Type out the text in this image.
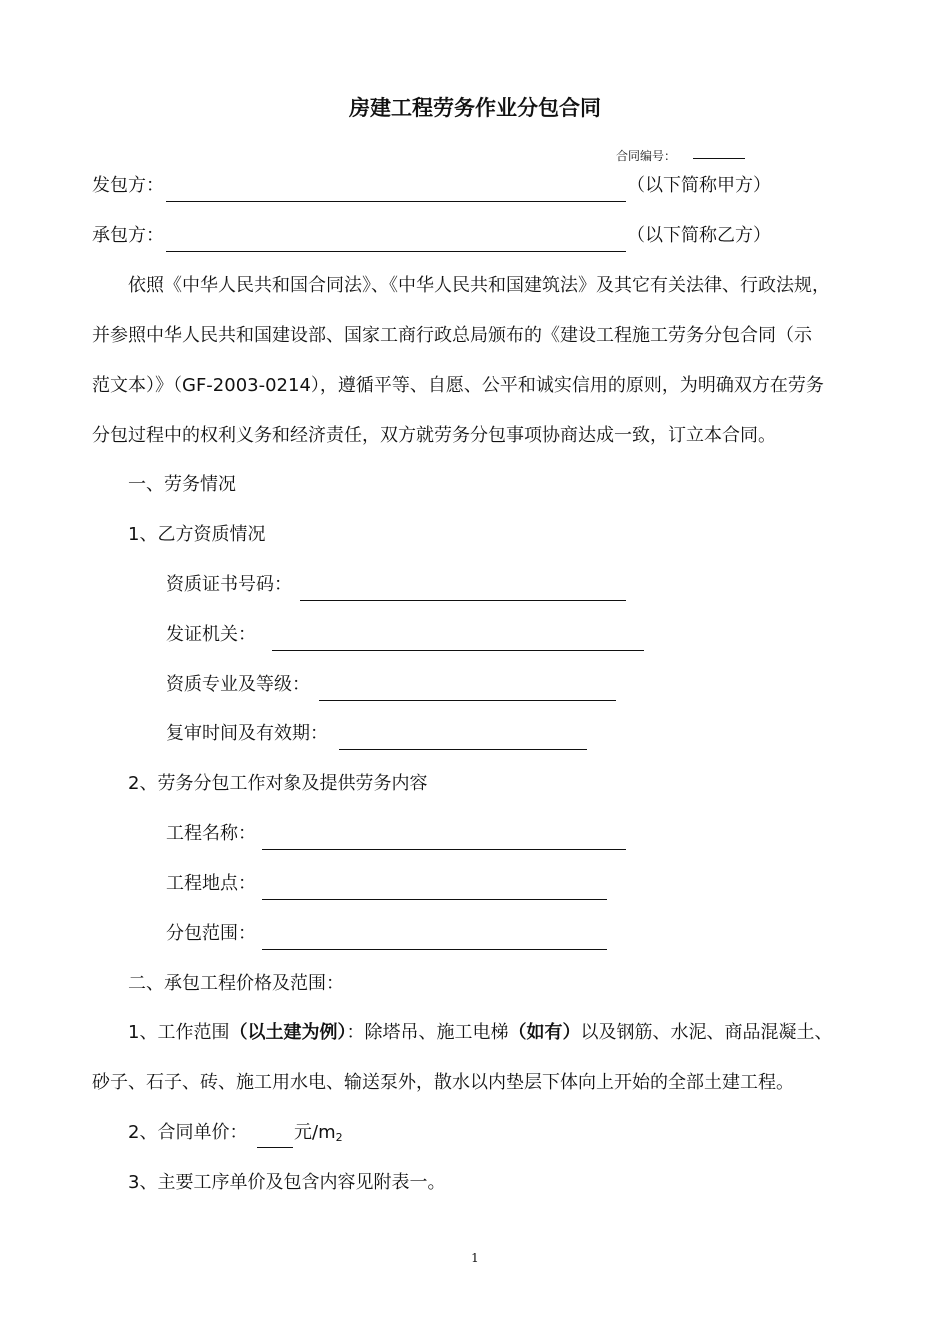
房建工程劳务作业分包合同
合同编号：
发包方：	（以下简称甲方）
承包方：	（以下简称乙方）
依照《中华人民共和国合同法》、《中华人民共和国建筑法》及其它有关法律、行政法规，
并参照中华人民共和国建设部、国家工商行政总局颁布的《建设工程施工劳务分包合同（示
范文本）》（GF-2003-0214），遵循平等、自愿、公平和诚实信用的原则，为明确双方在劳务
分包过程中的权利义务和经济责任，双方就劳务分包事项协商达成一致，订立本合同。
一、劳务情况
1、乙方资质情况
资质证书号码：
发证机关：
资质专业及等级：
复审时间及有效期：
2、劳务分包工作对象及提供劳务内容
工程名称：
工程地点：
分包范围：
二、承包工程价格及范围：
1、工作范围（以土建为例）：除塔吊、施工电梯（如有）以及钢筋、水泥、商品混凝土、
砂子、石子、砖、施工用水电、输送泵外，散水以内垫层下体向上开始的全部土建工程。
2、合同单价：	元$/m_2$
3、主要工序单价及包含内容见附表一。
1
